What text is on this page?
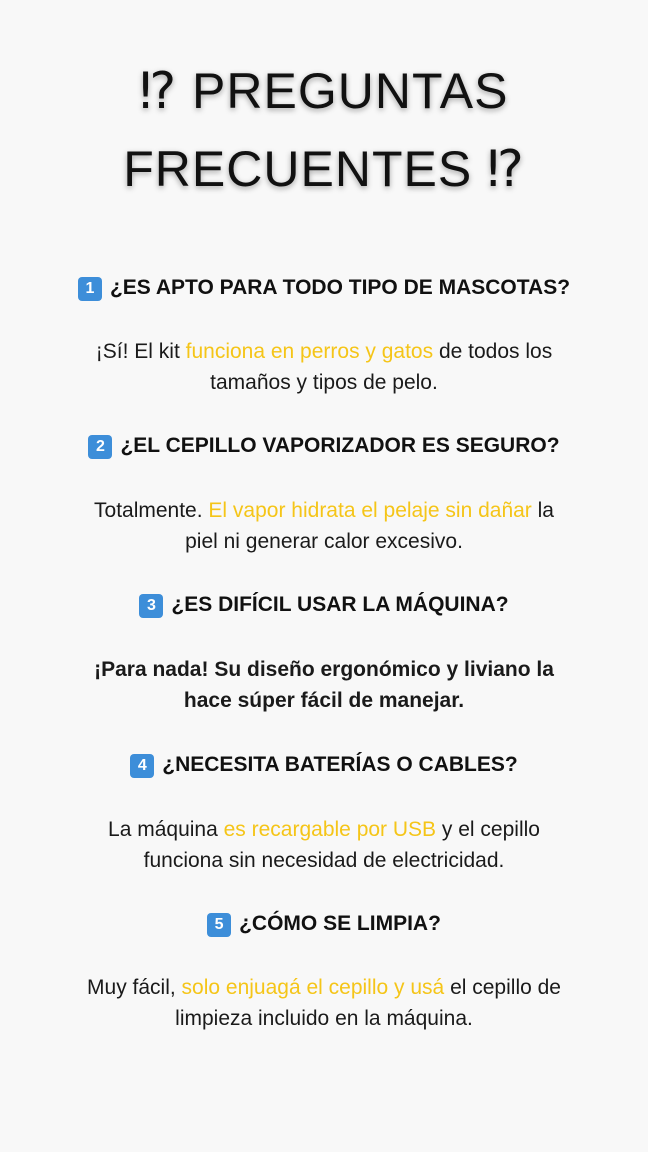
⁉ PREGUNTAS
FRECUENTES ⁉
1 ¿ES APTO PARA TODO TIPO DE MASCOTAS?
¡Sí! El kit funciona en perros y gatos de todos los
tamaños y tipos de pelo.
2 ¿EL CEPILLO VAPORIZADOR ES SEGURO?
Totalmente. El vapor hidrata el pelaje sin dañar la
piel ni generar calor excesivo.
3 ¿ES DIFÍCIL USAR LA MÁQUINA?
¡Para nada! Su diseño ergonómico y liviano la
hace súper fácil de manejar.
4 ¿NECESITA BATERÍAS O CABLES?
La máquina es recargable por USB y el cepillo
funciona sin necesidad de electricidad.
5 ¿CÓMO SE LIMPIA?
Muy fácil, solo enjuagá el cepillo y usá el cepillo de
limpieza incluido en la máquina.
